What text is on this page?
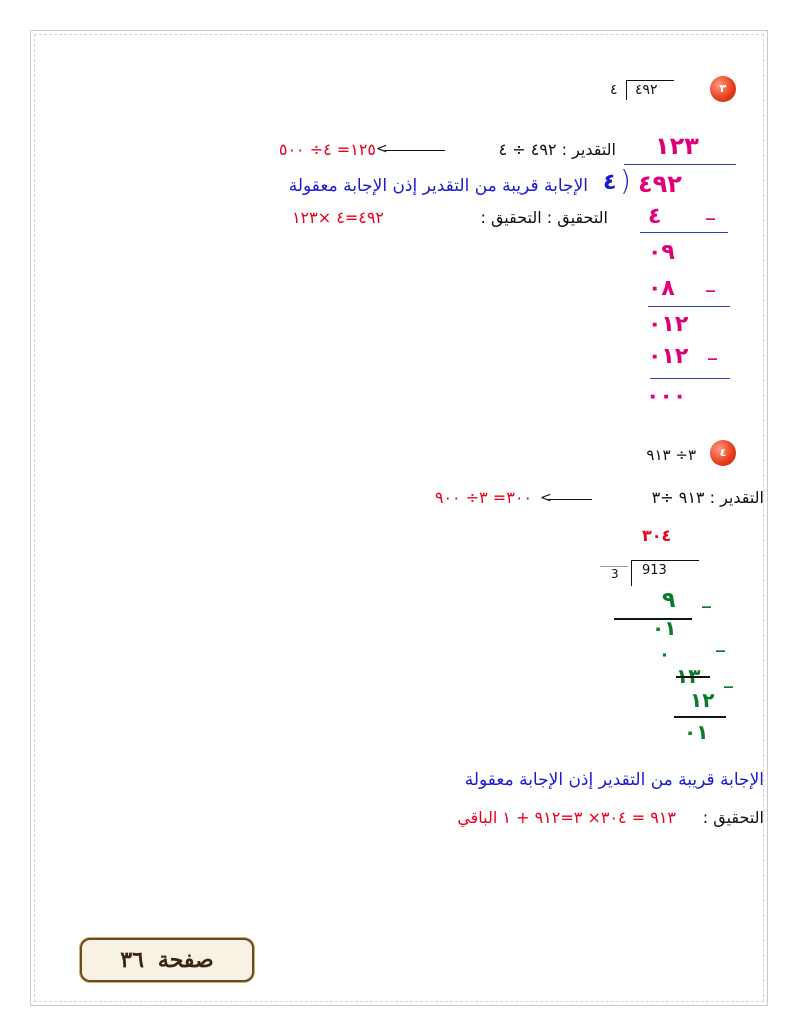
٣
٤ ٤٩٢
١٢٣
٤ ) ٤٩٢
٤ _
٠٩
٠٨ _
٠١٢
٠١٢ _
٠٠٠
التقدير : ٤٩٢ ÷ ٤
<
١٢٥= ٤÷ ٥٠٠
الإجابة قريبة من التقدير إذن الإجابة معقولة
التحقيق : التحقيق :
٤٩٢=٤ ×١٢٣
٤
٣÷ ٩١٣
التقدير : ٩١٣ ÷٣
<
٣٠٠= ٣÷ ٩٠٠
٣٠٤
3 913
٩ _
٠١
_
٠
١٣ _
١٢
٠١
الإجابة قريبة من التقدير إذن الإجابة معقولة
التحقيق :
٩١٣ = ٣٠٤× ٣=٩١٢ + ١ الباقي
صفحة
٣٦
